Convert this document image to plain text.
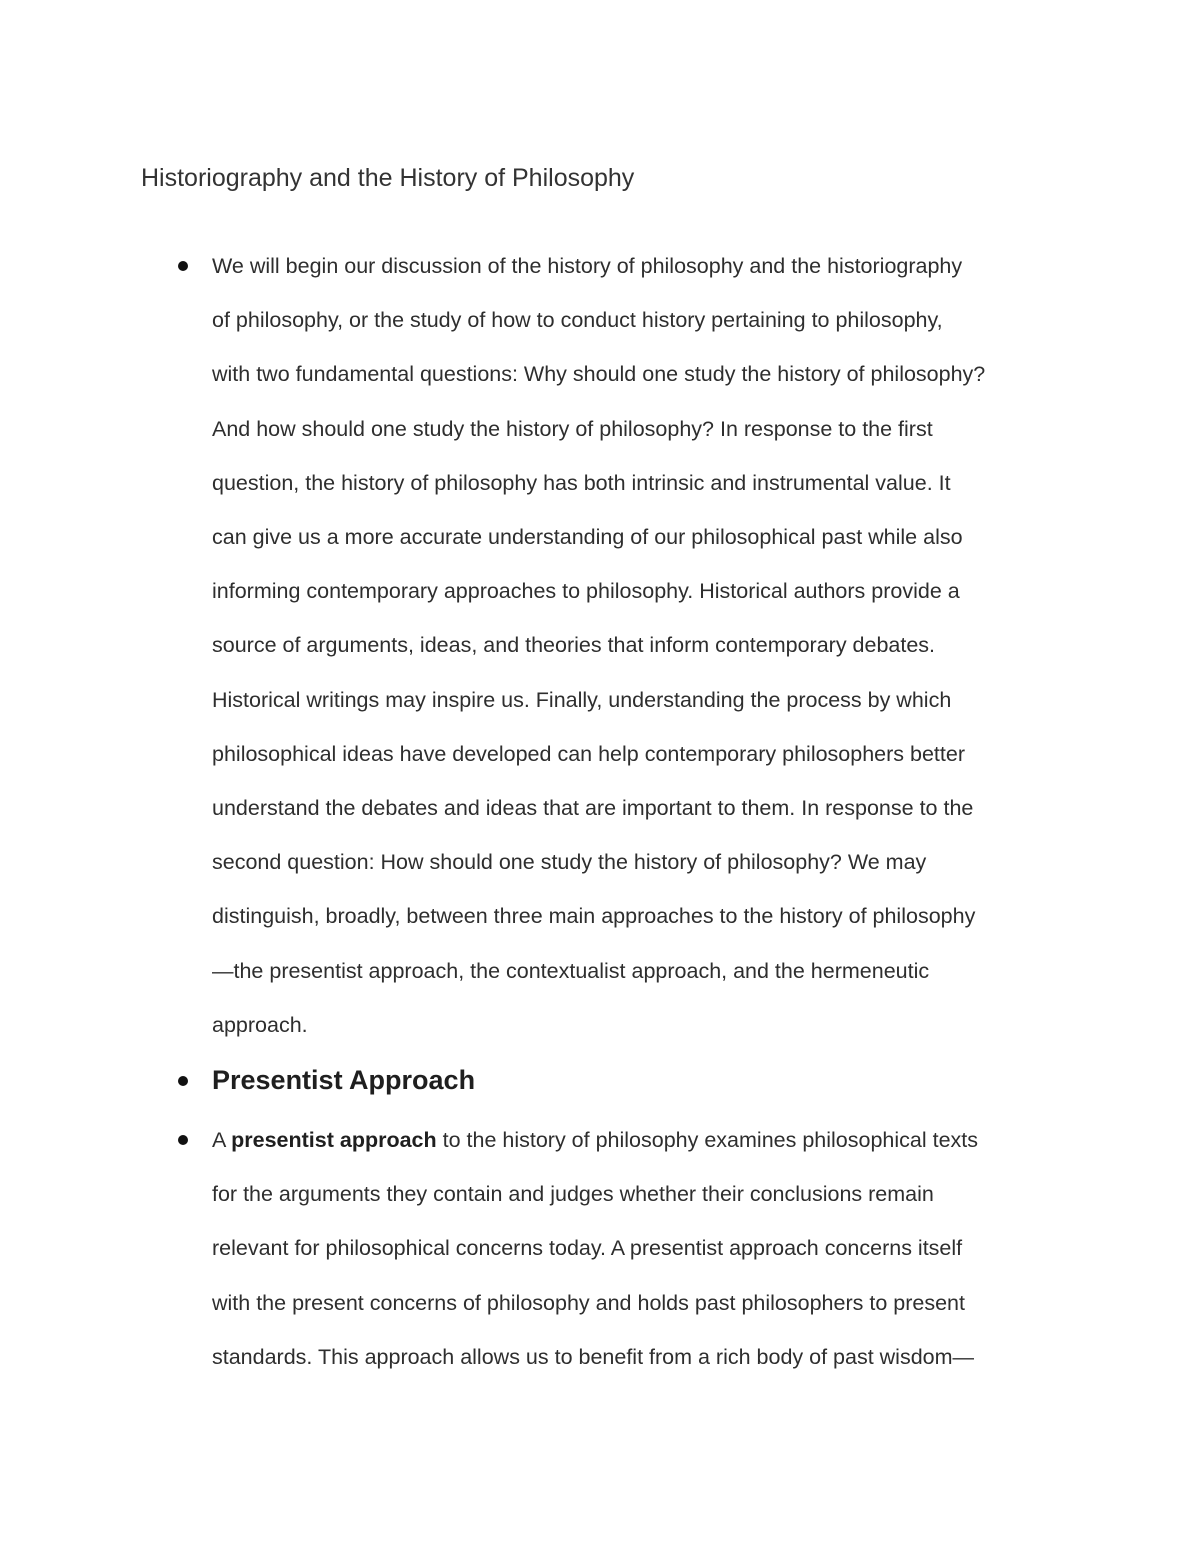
Historiography and the History of Philosophy
We will begin our discussion of the history of philosophy and the historiography
of philosophy, or the study of how to conduct history pertaining to philosophy,
with two fundamental questions: Why should one study the history of philosophy?
And how should one study the history of philosophy? In response to the first
question, the history of philosophy has both intrinsic and instrumental value. It
can give us a more accurate understanding of our philosophical past while also
informing contemporary approaches to philosophy. Historical authors provide a
source of arguments, ideas, and theories that inform contemporary debates.
Historical writings may inspire us. Finally, understanding the process by which
philosophical ideas have developed can help contemporary philosophers better
understand the debates and ideas that are important to them. In response to the
second question: How should one study the history of philosophy? We may
distinguish, broadly, between three main approaches to the history of philosophy
—the presentist approach, the contextualist approach, and the hermeneutic
approach.
Presentist Approach
A presentist approach to the history of philosophy examines philosophical texts
for the arguments they contain and judges whether their conclusions remain
relevant for philosophical concerns today. A presentist approach concerns itself
with the present concerns of philosophy and holds past philosophers to present
standards. This approach allows us to benefit from a rich body of past wisdom—
